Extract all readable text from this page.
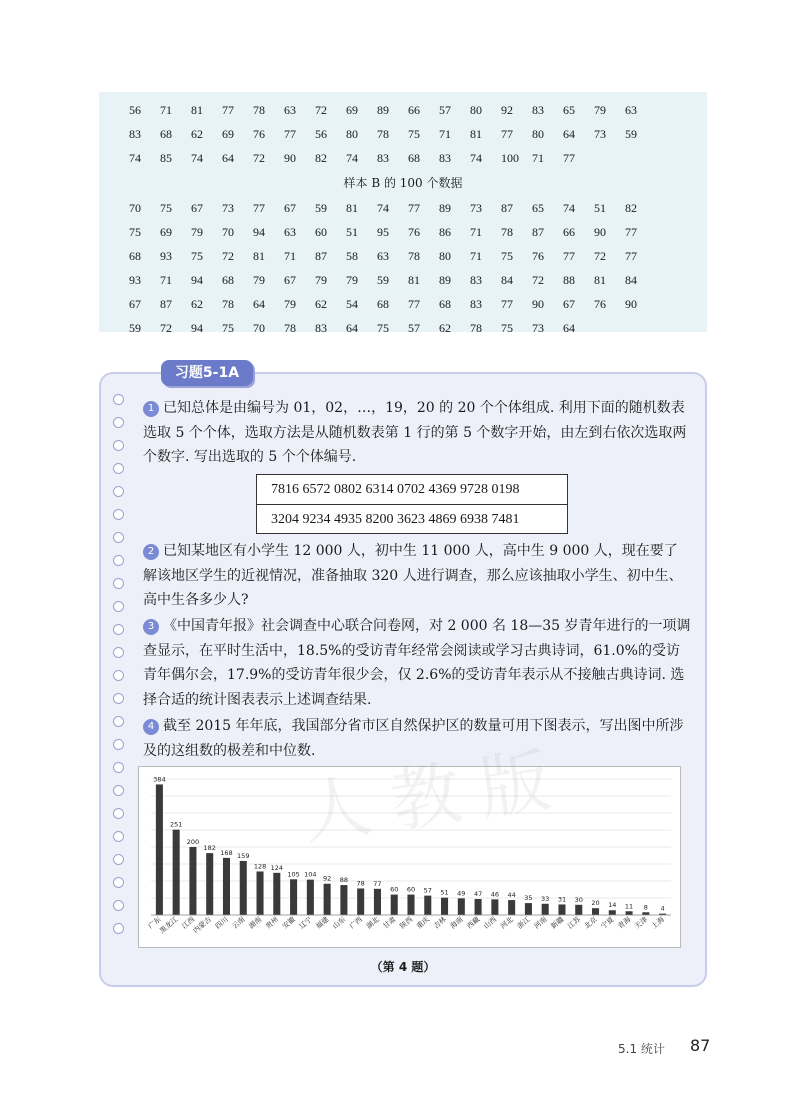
56	71	81	77	78	63	72	69	89	66	57	80	92	83	65	79	63
83	68	62	69	76	77	56	80	78	75	71	81	77	80	64	73	59
74	85	74	64	72	90	82	74	83	68	83	74	100	71	77
样本 B 的 100 个数据
70	75	67	73	77	67	59	81	74	77	89	73	87	65	74	51	82
75	69	79	70	94	63	60	51	95	76	86	71	78	87	66	90	77
68	93	75	72	81	71	87	58	63	78	80	71	75	76	77	72	77
93	71	94	68	79	67	79	79	59	81	89	83	84	72	88	81	84
67	87	62	78	64	79	62	54	68	77	68	83	77	90	67	76	90
59	72	94	75	70	78	83	64	75	57	62	78	75	73	64
习题5-1A
1 已知总体是由编号为 01，02，…，19，20 的 20 个个体组成. 利用下面的随机数表选取 5 个个体，选取方法是从随机数表第 1 行的第 5 个数字开始，由左到右依次选取两个数字. 写出选取的 5 个个体编号.
7816 6572 0802 6314 0702 4369 9728 0198
3204 9234 4935 8200 3623 4869 6938 7481
2 已知某地区有小学生 12 000 人，初中生 11 000 人，高中生 9 000 人，现在要了解该地区学生的近视情况，准备抽取 320 人进行调查，那么应该抽取小学生、初中生、高中生各多少人?
3 《中国青年报》社会调查中心联合问卷网，对 2 000 名 18—35 岁青年进行的一项调查显示，在平时生活中，18.5%的受访青年经常会阅读或学习古典诗词，61.0%的受访青年偶尔会，17.9%的受访青年很少会，仅 2.6%的受访青年表示从不接触古典诗词. 选择合适的统计图表表示上述调查结果.
4 截至 2015 年年底，我国部分省市区自然保护区的数量可用下图表示，写出图中所涉及的这组数的极差和中位数.
384
广东
251
黑龙江
200
江西
182
内蒙古
168
四川
159
云南
128
湖南
124
贵州
105
安徽
104
辽宁
92
福建
88
山东
78
广西
77
湖北
60
甘肃
60
陕西
57
重庆
51
吉林
49
海南
47
西藏
46
山西
44
河北
35
浙江
33
河南
31
新疆
30
江苏
20
北京
14
宁夏
11
青海
8
天津
4
上海
（第 4 题）
人教版
5.1 统计 87
